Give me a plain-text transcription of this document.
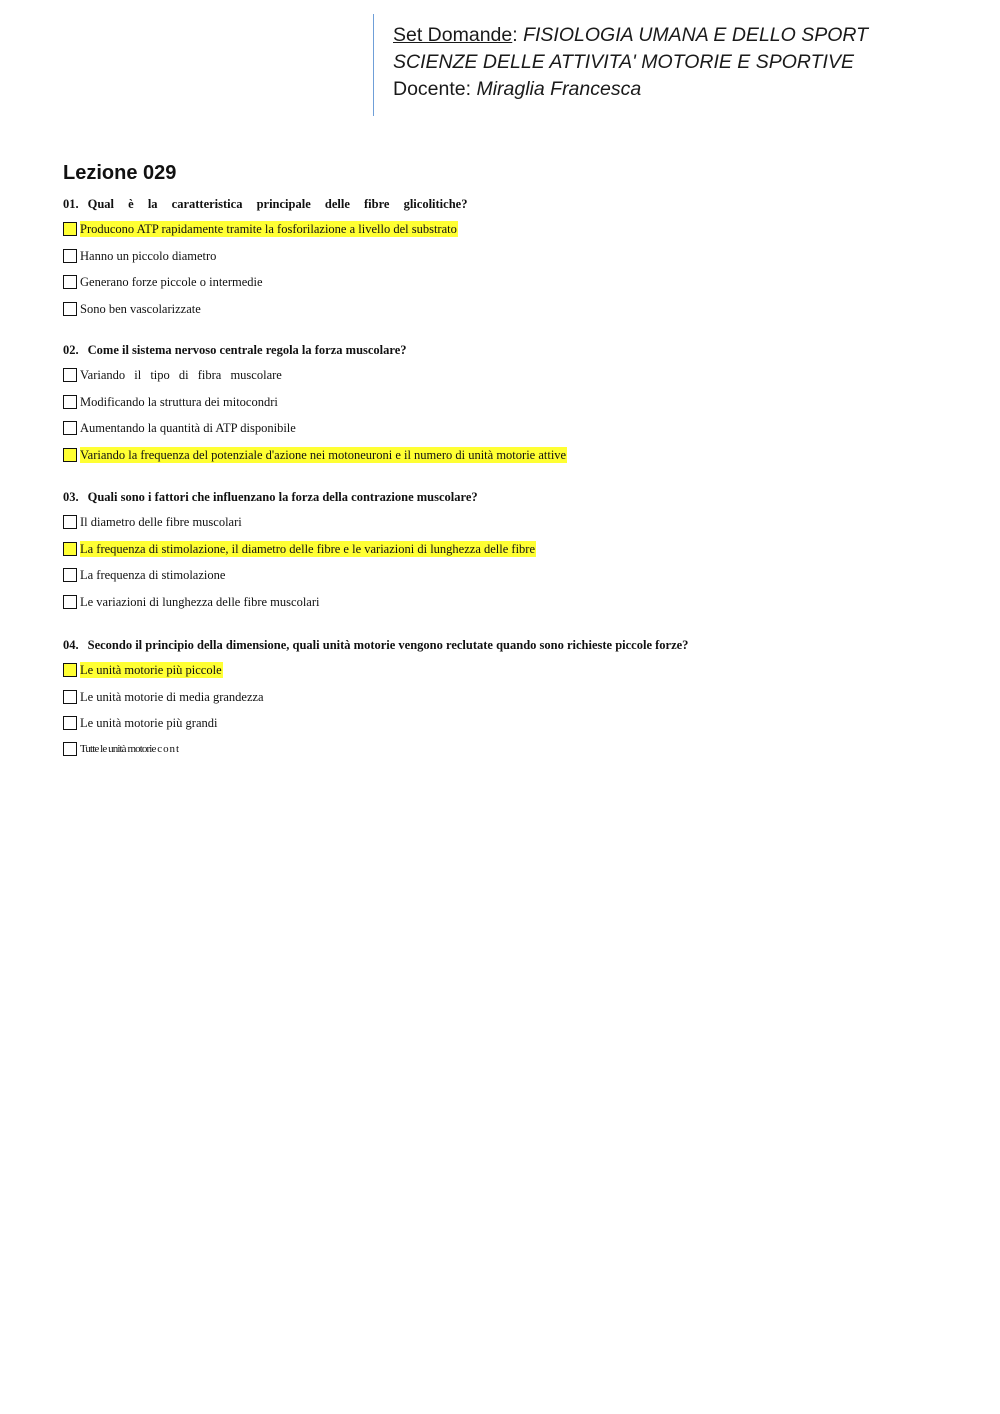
Set Domande: FISIOLOGIA UMANA E DELLO SPORT
SCIENZE DELLE ATTIVITA' MOTORIE E SPORTIVE
Docente: Miraglia Francesca
Lezione 029
01. Qual è la caratteristica principale delle fibre glicolitiche?
Producono ATP rapidamente tramite la fosforilazione a livello del substrato
Hanno un piccolo diametro
Generano forze piccole o intermedie
Sono ben vascolarizzate
02. Come il sistema nervoso centrale regola la forza muscolare?
Variando il tipo di fibra muscolare
Modificando la struttura dei mitocondri
Aumentando la quantità di ATP disponibile
Variando la frequenza del potenziale d'azione nei motoneuroni e il numero di unità motorie attive
03. Quali sono i fattori che influenzano la forza della contrazione muscolare?
Il diametro delle fibre muscolari
La frequenza di stimolazione, il diametro delle fibre e le variazioni di lunghezza delle fibre
La frequenza di stimolazione
Le variazioni di lunghezza delle fibre muscolari
04. Secondo il principio della dimensione, quali unità motorie vengono reclutate quando sono richieste piccole forze?
Le unità motorie più piccole
Le unità motorie di media grandezza
Le unità motorie più grandi
Tutte le unità motorie c o n t
